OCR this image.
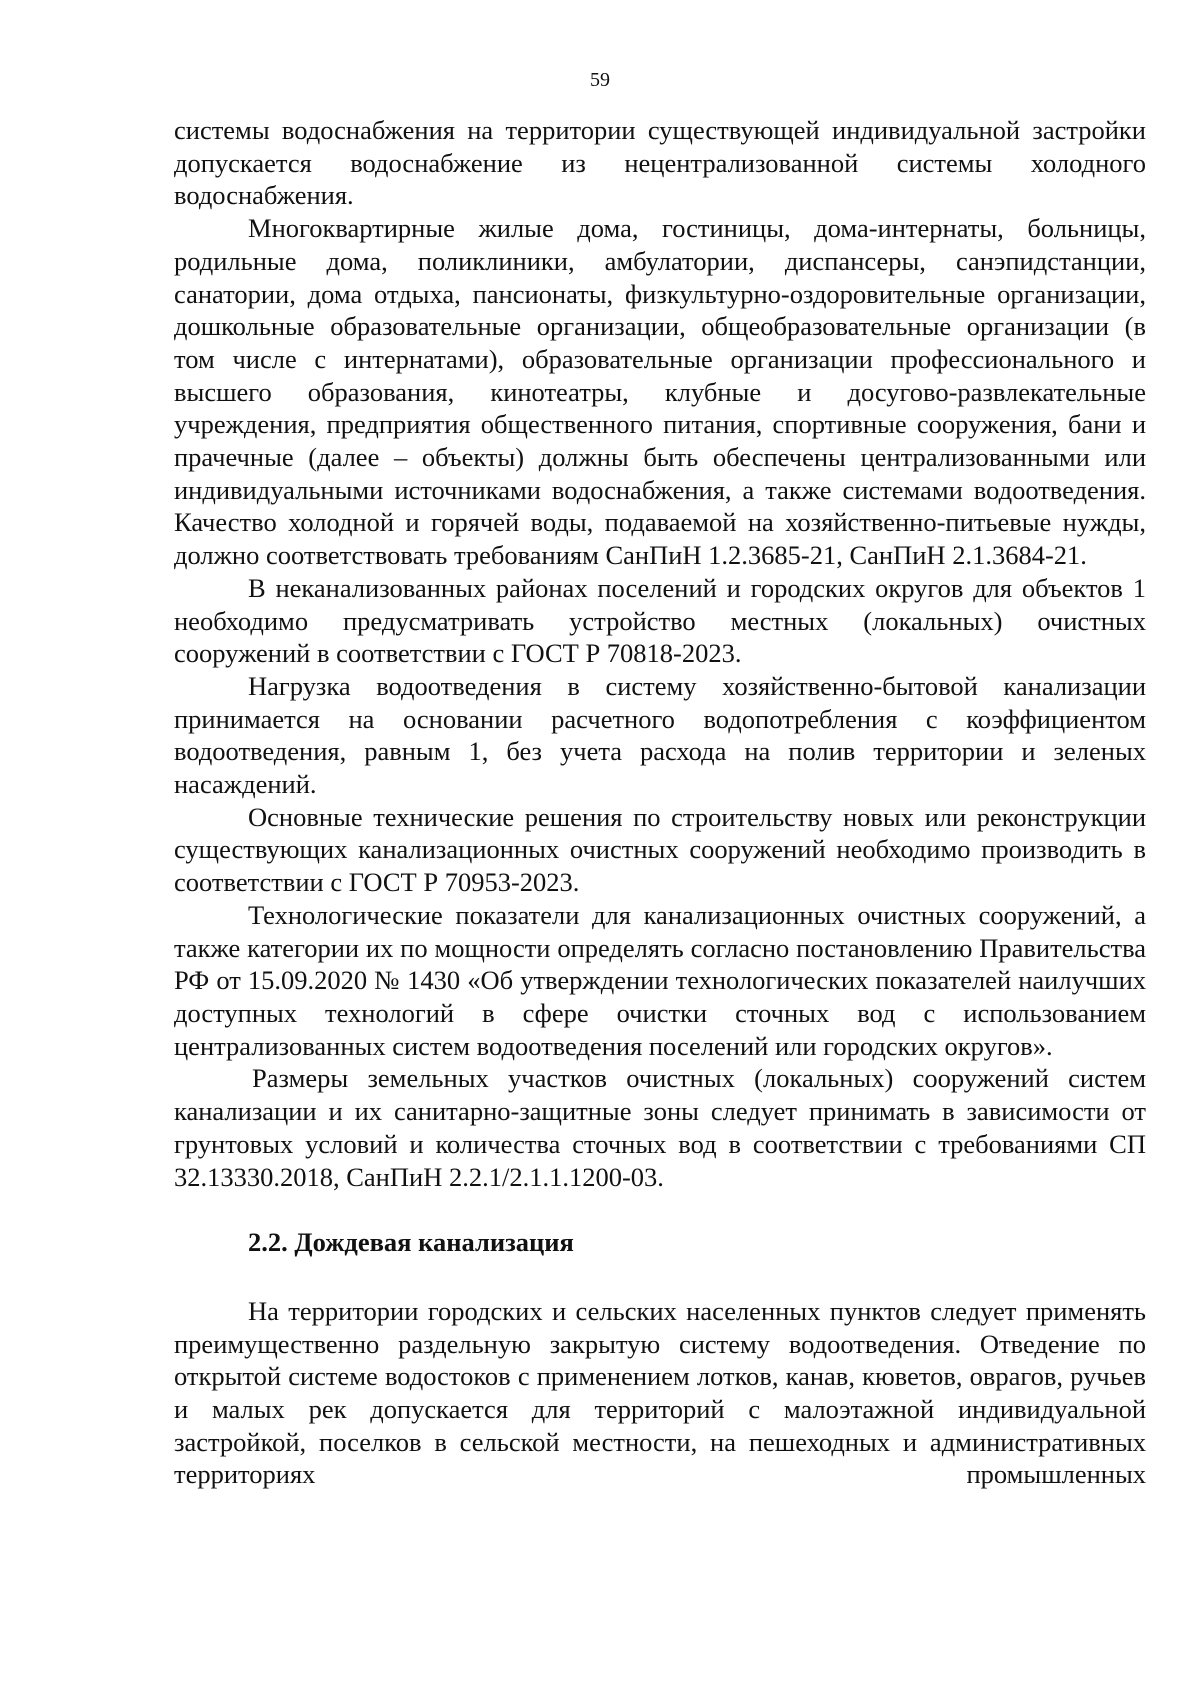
59

системы водоснабжения на территории существующей индивидуальной застройки допускается водоснабжение из нецентрализованной системы холодного водоснабжения.

Многоквартирные жилые дома, гостиницы, дома-интернаты, больницы, родильные дома, поликлиники, амбулатории, диспансеры, санэпидстанции, санатории, дома отдыха, пансионаты, физкультурно-оздоровительные организации, дошкольные образовательные организации, общеобразовательные организации (в том числе с интернатами), образовательные организации профессионального и высшего образования, кинотеатры, клубные и досугово-развлекательные учреждения, предприятия общественного питания, спортивные сооружения, бани и прачечные (далее – объекты) должны быть обеспечены централизованными или индивидуальными источниками водоснабжения, а также системами водоотведения. Качество холодной и горячей воды, подаваемой на хозяйственно-питьевые нужды, должно соответствовать требованиям СанПиН 1.2.3685-21, СанПиН 2.1.3684-21.

В неканализованных районах поселений и городских округов для объектов 1 необходимо предусматривать устройство местных (локальных) очистных сооружений в соответствии с ГОСТ Р 70818-2023.

Нагрузка водоотведения в систему хозяйственно-бытовой канализации принимается на основании расчетного водопотребления с коэффициентом водоотведения, равным 1, без учета расхода на полив территории и зеленых насаждений.

Основные технические решения по строительству новых или реконструкции существующих канализационных очистных сооружений необходимо производить в соответствии с ГОСТ Р 70953-2023.

Технологические показатели для канализационных очистных сооружений, а также категории их по мощности определять согласно постановлению Правительства РФ от 15.09.2020 № 1430 «Об утверждении технологических показателей наилучших доступных технологий в сфере очистки сточных вод с использованием централизованных систем водоотведения поселений или городских округов».

Размеры земельных участков очистных (локальных) сооружений систем канализации и их санитарно-защитные зоны следует принимать в зависимости от грунтовых условий и количества сточных вод в соответствии с требованиями СП 32.13330.2018, СанПиН 2.2.1/2.1.1.1200-03.

2.2. Дождевая канализация

На территории городских и сельских населенных пунктов следует применять преимущественно раздельную закрытую систему водоотведения. Отведение по открытой системе водостоков с применением лотков, канав, кюветов, оврагов, ручьев и малых рек допускается для территорий с малоэтажной индивидуальной застройкой, поселков в сельской местности, на пешеходных и административных территориях промышленных
